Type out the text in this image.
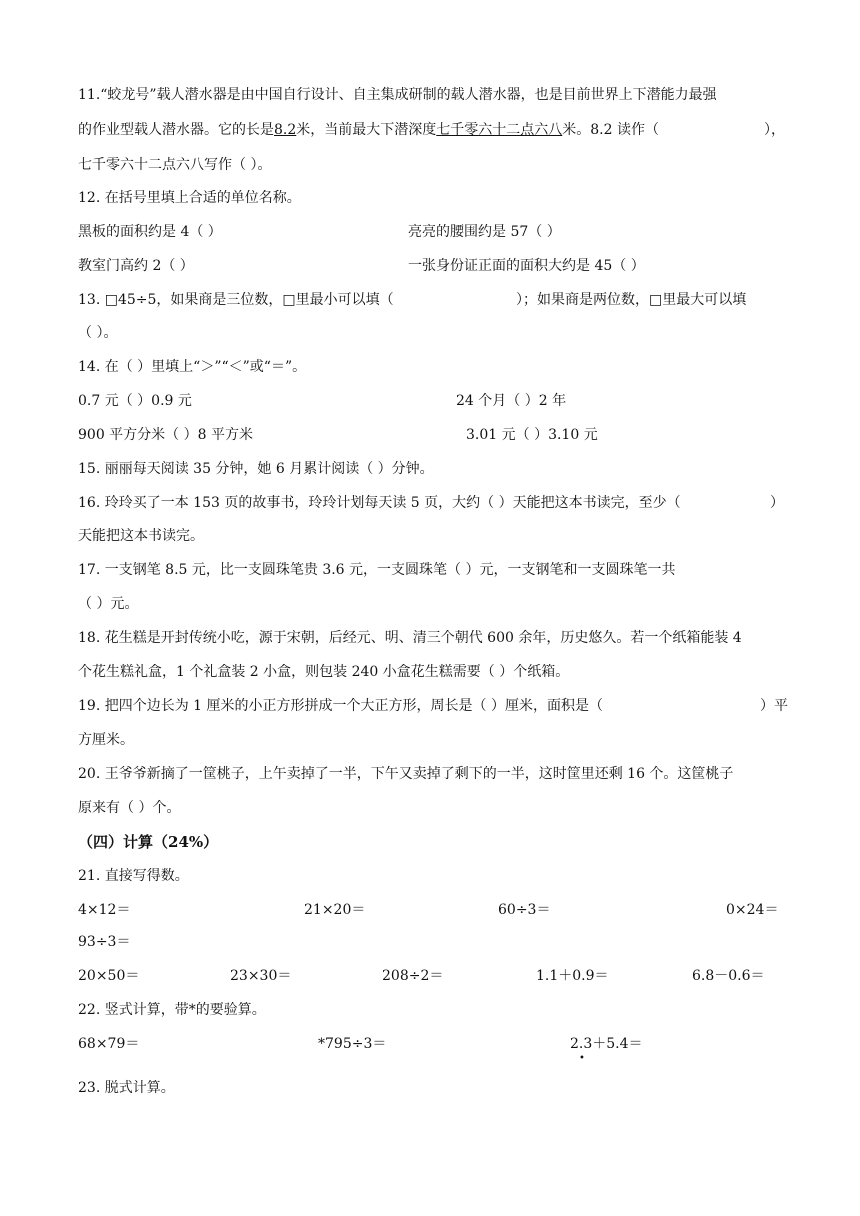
11.“蛟龙号”载人潜水器是由中国自行设计、自主集成研制的载人潜水器，也是目前世界上下潜能力最强
的作业型载人潜水器。它的长是8.2米，当前最大下潜深度七千零六十二点六八米。8.2 读作（	），
七千零六十二点六八写作（ ）。
12. 在括号里填上合适的单位名称。
黑板的面积约是 4（ ）	亮亮的腰围约是 57（ ）
教室门高约 2（ ）	一张身份证正面的面积大约是 45（ ）
13. □45÷5，如果商是三位数，□里最小可以填（	）；如果商是两位数，□里最大可以填
（ ）。
14. 在（ ）里填上“＞”“＜”或“＝”。
0.7 元（ ）0.9 元	24 个月（ ）2 年
900 平方分米（ ）8 平方米	3.01 元（ ）3.10 元
15. 丽丽每天阅读 35 分钟，她 6 月累计阅读（ ）分钟。
16. 玲玲买了一本 153 页的故事书，玲玲计划每天读 5 页，大约（ ）天能把这本书读完，至少（	）
天能把这本书读完。
17. 一支钢笔 8.5 元，比一支圆珠笔贵 3.6 元，一支圆珠笔（ ）元，一支钢笔和一支圆珠笔一共
（ ）元。
18. 花生糕是开封传统小吃，源于宋朝，后经元、明、清三个朝代 600 余年，历史悠久。若一个纸箱能装 4
个花生糕礼盒，1 个礼盒装 2 小盒，则包装 240 小盒花生糕需要（ ）个纸箱。
19. 把四个边长为 1 厘米的小正方形拼成一个大正方形，周长是（ ）厘米，面积是（	）平
方厘米。
20. 王爷爷新摘了一筐桃子，上午卖掉了一半，下午又卖掉了剩下的一半，这时筐里还剩 16 个。这筐桃子
原来有（ ）个。
（四）计算（24%）
21. 直接写得数。
4×12＝	21×20＝	60÷3＝	0×24＝
93÷3＝
20×50＝	23×30＝	208÷2＝	1.1＋0.9＝	6.8－0.6＝
22. 竖式计算，带*的要验算。
68×79＝	*795÷3＝	2.3＋5.4＝
•
23. 脱式计算。
